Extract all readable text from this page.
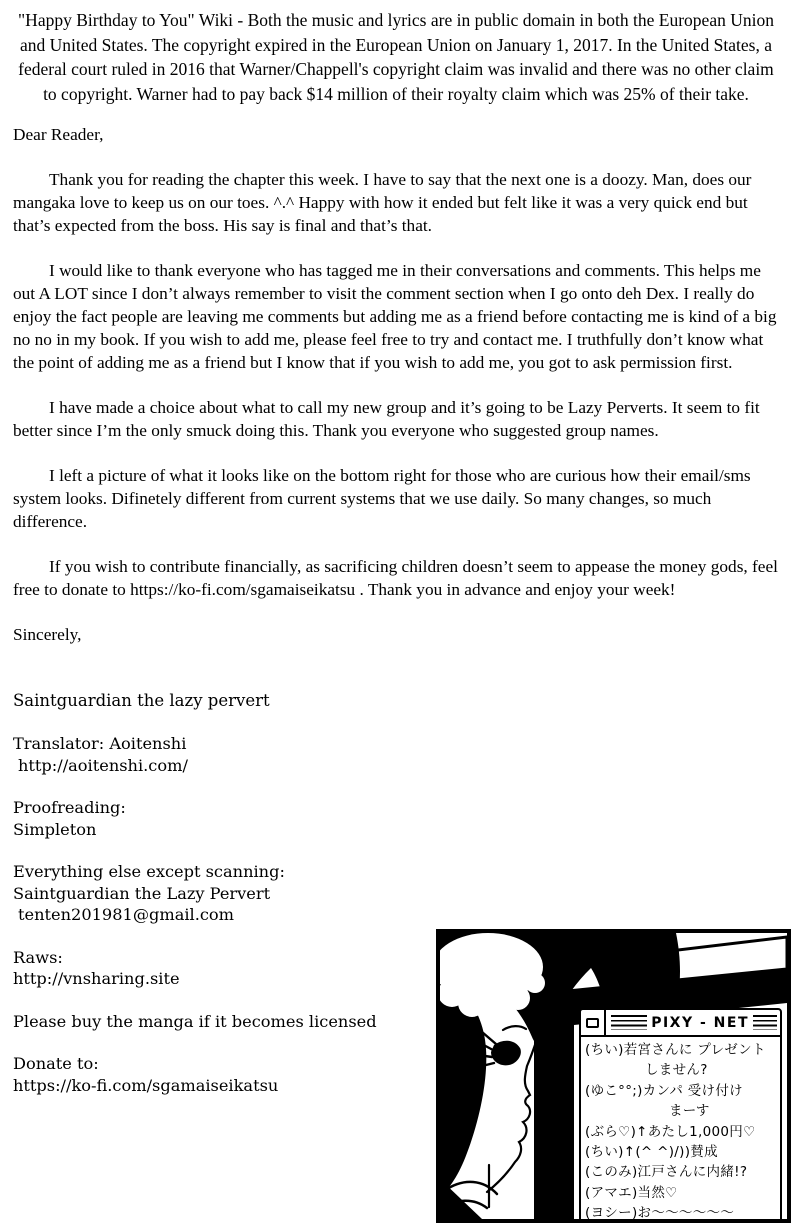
"Happy Birthday to You" Wiki - Both the music and lyrics are in public domain in both the European Union and United States. The copyright expired in the European Union on January 1, 2017. In the United States, a federal court ruled in 2016 that Warner/Chappell's copyright claim was invalid and there was no other claim to copyright. Warner had to pay back $14 million of their royalty claim which was 25% of their take.

Dear Reader,

Thank you for reading the chapter this week. I have to say that the next one is a doozy. Man, does our mangaka love to keep us on our toes. ^.^ Happy with how it ended but felt like it was a very quick end but that’s expected from the boss. His say is final and that’s that.

I would like to thank everyone who has tagged me in their conversations and comments. This helps me out A LOT since I don’t always remember to visit the comment section when I go onto deh Dex. I really do enjoy the fact people are leaving me comments but adding me as a friend before contacting me is kind of a big no no in my book. If you wish to add me, please feel free to try and contact me. I truthfully don’t know what the point of adding me as a friend but I know that if you wish to add me, you got to ask permission first.

I have made a choice about what to call my new group and it’s going to be Lazy Perverts. It seem to fit better since I’m the only smuck doing this. Thank you everyone who suggested group names.

I left a picture of what it looks like on the bottom right for those who are curious how their email/sms system looks. Difinetely different from current systems that we use daily. So many changes, so much difference.

If you wish to contribute financially, as sacrificing children doesn’t seem to appease the money gods, feel free to donate to https://ko-fi.com/sgamaiseikatsu . Thank you in advance and enjoy your week!

Sincerely,

Saintguardian the lazy pervert

Translator: Aoitenshi
http://aoitenshi.com/
Proofreading:
Simpleton
Everything else except scanning:
Saintguardian the Lazy Pervert
tenten201981@gmail.com
Raws:
http://vnsharing.site
Please buy the manga if it becomes licensed
Donate to:
https://ko-fi.com/sgamaiseikatsu
PIXY - NET
(ちい)若宮さんに プレゼント
しません?
(ゆこ°°;)カンパ 受け付け
まーす
(ぶら♡)↑あたし1,000円♡
(ちい)↑(^ ^)/))賛成
(このみ)江戸さんに内緒!?
(アマエ)当然♡
(ヨシー)お〜〜〜〜〜〜
